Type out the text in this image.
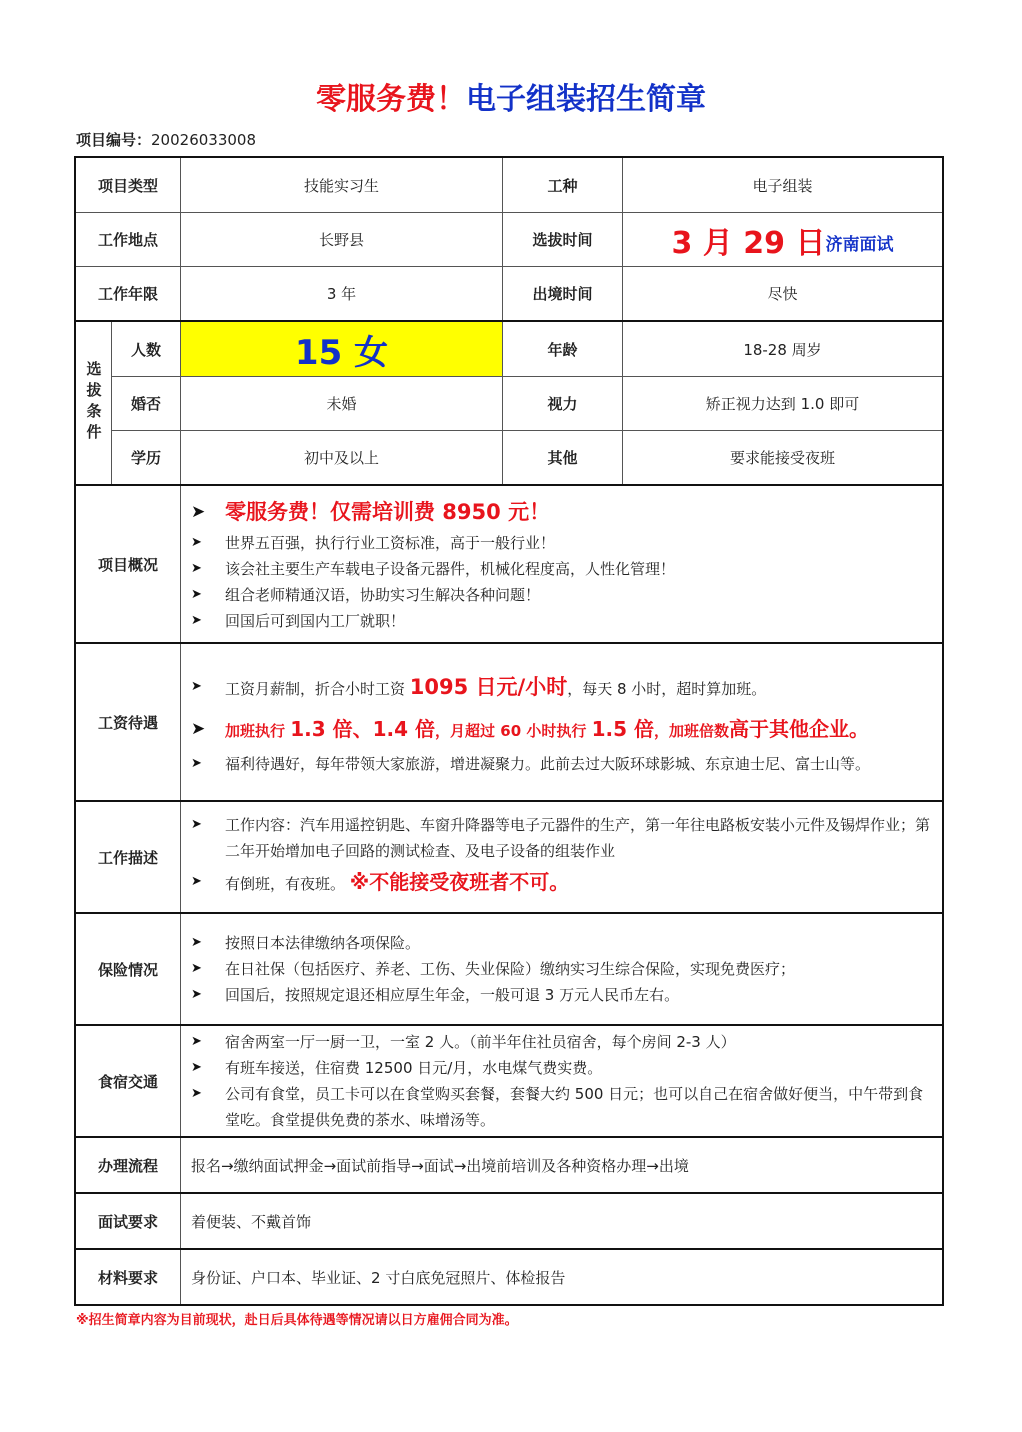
零服务费！电子组装招生简章
项目编号：20026033008
项目类型	技能实习生	工种	电子组装
工作地点	长野县	选拔时间	3 月 29 日 济南面试
工作年限	3 年	出境时间	尽快
选拔条件
人数	15 女	年龄	18-28 周岁
婚否	未婚	视力	矫正视力达到 1.0 即可
学历	初中及以上	其他	要求能接受夜班
项目概况
➤ 零服务费！仅需培训费 8950 元！
➤	世界五百强，执行行业工资标准，高于一般行业！
➤	该会社主要生产车载电子设备元器件，机械化程度高，人性化管理！
➤	组合老师精通汉语，协助实习生解决各种问题！
➤	回国后可到国内工厂就职！
工资待遇
➤	工资月薪制，折合小时工资 1095 日元/小时，每天 8 小时，超时算加班。
➤	加班执行 1.3 倍、1.4 倍，月超过 60 小时执行 1.5 倍，加班倍数高于其他企业。
➤	福利待遇好，每年带领大家旅游，增进凝聚力。此前去过大阪环球影城、东京迪士尼、富士山等。
工作描述
➤	工作内容：汽车用遥控钥匙、车窗升降器等电子元器件的生产，第一年往电路板安装小元件及锡焊作业；第二年开始增加电子回路的测试检查、及电子设备的组装作业
➤	有倒班，有夜班。 ※不能接受夜班者不可。
保险情况
➤	按照日本法律缴纳各项保险。
➤	在日社保（包括医疗、养老、工伤、失业保险）缴纳实习生综合保险，实现免费医疗；
➤	回国后，按照规定退还相应厚生年金，一般可退 3 万元人民币左右。
食宿交通
➤	宿舍两室一厅一厨一卫，一室 2 人。（前半年住社员宿舍，每个房间 2-3 人）
➤	有班车接送，住宿费 12500 日元/月，水电煤气费实费。
➤	公司有食堂，员工卡可以在食堂购买套餐，套餐大约 500 日元；也可以自己在宿舍做好便当，中午带到食堂吃。食堂提供免费的茶水、味增汤等。
办理流程	报名→缴纳面试押金→面试前指导→面试→出境前培训及各种资格办理→出境
面试要求	着便装、不戴首饰
材料要求	身份证、户口本、毕业证、2 寸白底免冠照片、体检报告
※招生简章内容为目前现状，赴日后具体待遇等情况请以日方雇佣合同为准。
